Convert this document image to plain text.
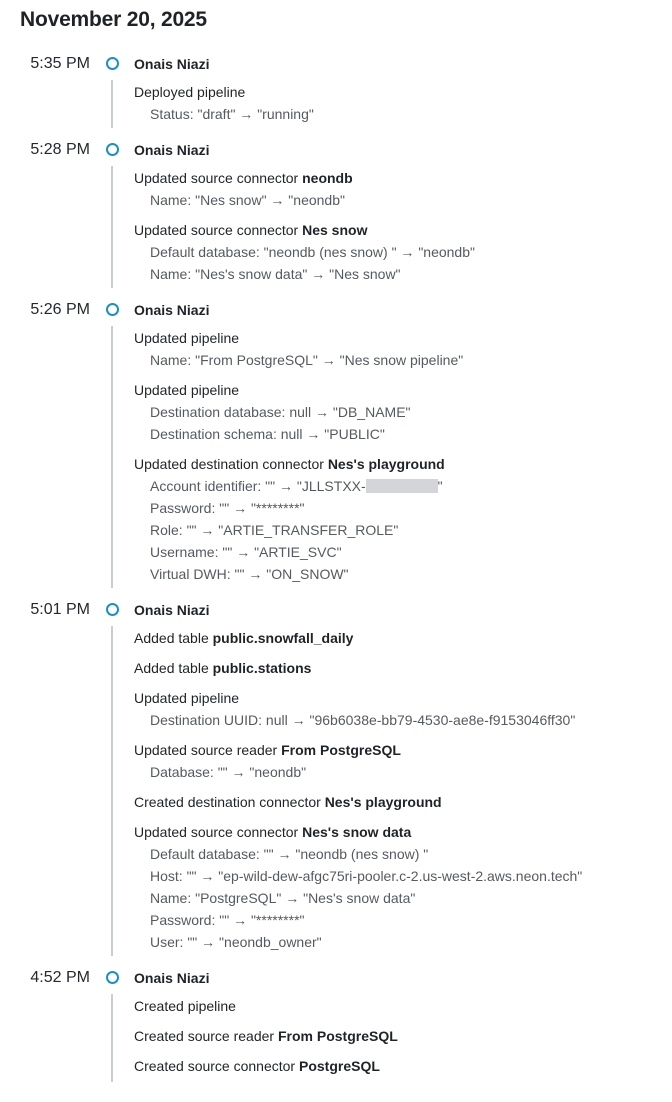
November 20, 2025
5:35 PM	Onais Niazi
Deployed pipeline
Status: "draft" → "running"
5:28 PM	Onais Niazi
Updated source connector neondb
Name: "Nes snow" → "neondb"
Updated source connector Nes snow
Default database: "neondb (nes snow) " → "neondb"
Name: "Nes's snow data" → "Nes snow"
5:26 PM	Onais Niazi
Updated pipeline
Name: "From PostgreSQL" → "Nes snow pipeline"
Updated pipeline
Destination database: null → "DB_NAME"
Destination schema: null → "PUBLIC"
Updated destination connector Nes's playground
Account identifier: "" → "JLLSTXX-	"
Password: "" → "********"
Role: "" → "ARTIE_TRANSFER_ROLE"
Username: "" → "ARTIE_SVC"
Virtual DWH: "" → "ON_SNOW"
5:01 PM	Onais Niazi
Added table public.snowfall_daily
Added table public.stations
Updated pipeline
Destination UUID: null → "96b6038e-bb79-4530-ae8e-f9153046ff30"
Updated source reader From PostgreSQL
Database: "" → "neondb"
Created destination connector Nes's playground
Updated source connector Nes's snow data
Default database: "" → "neondb (nes snow) "
Host: "" → "ep-wild-dew-afgc75ri-pooler.c-2.us-west-2.aws.neon.tech"
Name: "PostgreSQL" → "Nes's snow data"
Password: "" → "********"
User: "" → "neondb_owner"
4:52 PM	Onais Niazi
Created pipeline
Created source reader From PostgreSQL
Created source connector PostgreSQL
